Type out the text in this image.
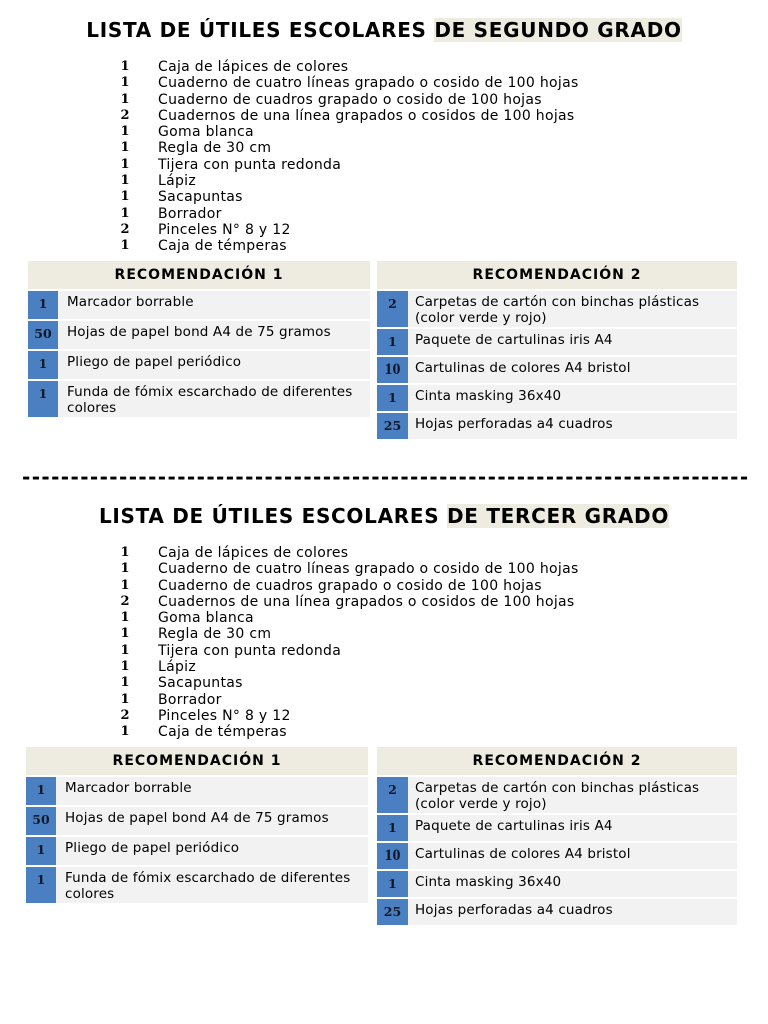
LISTA DE ÚTILES ESCOLARES DE SEGUNDO GRADO
1	Caja de lápices de colores
1	Cuaderno de cuatro líneas grapado o cosido de 100 hojas
1	Cuaderno de cuadros grapado o cosido de 100 hojas
2	Cuadernos de una línea grapados o cosidos de 100 hojas
1	Goma blanca
1	Regla de 30 cm
1	Tijera con punta redonda
1	Lápiz
1	Sacapuntas
1	Borrador
2	Pinceles N° 8 y 12
1	Caja de témperas
RECOMENDACIÓN 1
1	Marcador borrable
50	Hojas de papel bond A4 de 75 gramos
1	Pliego de papel periódico
1	Funda de fómix escarchado de diferentes colores
RECOMENDACIÓN 2
2	Carpetas de cartón con binchas plásticas (color verde y rojo)
1	Paquete de cartulinas iris A4
10	Cartulinas de colores A4 bristol
1	Cinta masking 36x40
25	Hojas perforadas a4 cuadros
---------------------------------------------------------------------------
LISTA DE ÚTILES ESCOLARES DE TERCER GRADO
1	Caja de lápices de colores
1	Cuaderno de cuatro líneas grapado o cosido de 100 hojas
1	Cuaderno de cuadros grapado o cosido de 100 hojas
2	Cuadernos de una línea grapados o cosidos de 100 hojas
1	Goma blanca
1	Regla de 30 cm
1	Tijera con punta redonda
1	Lápiz
1	Sacapuntas
1	Borrador
2	Pinceles N° 8 y 12
1	Caja de témperas
RECOMENDACIÓN 1
1	Marcador borrable
50	Hojas de papel bond A4 de 75 gramos
1	Pliego de papel periódico
1	Funda de fómix escarchado de diferentes colores
RECOMENDACIÓN 2
2	Carpetas de cartón con binchas plásticas (color verde y rojo)
1	Paquete de cartulinas iris A4
10	Cartulinas de colores A4 bristol
1	Cinta masking 36x40
25	Hojas perforadas a4 cuadros
